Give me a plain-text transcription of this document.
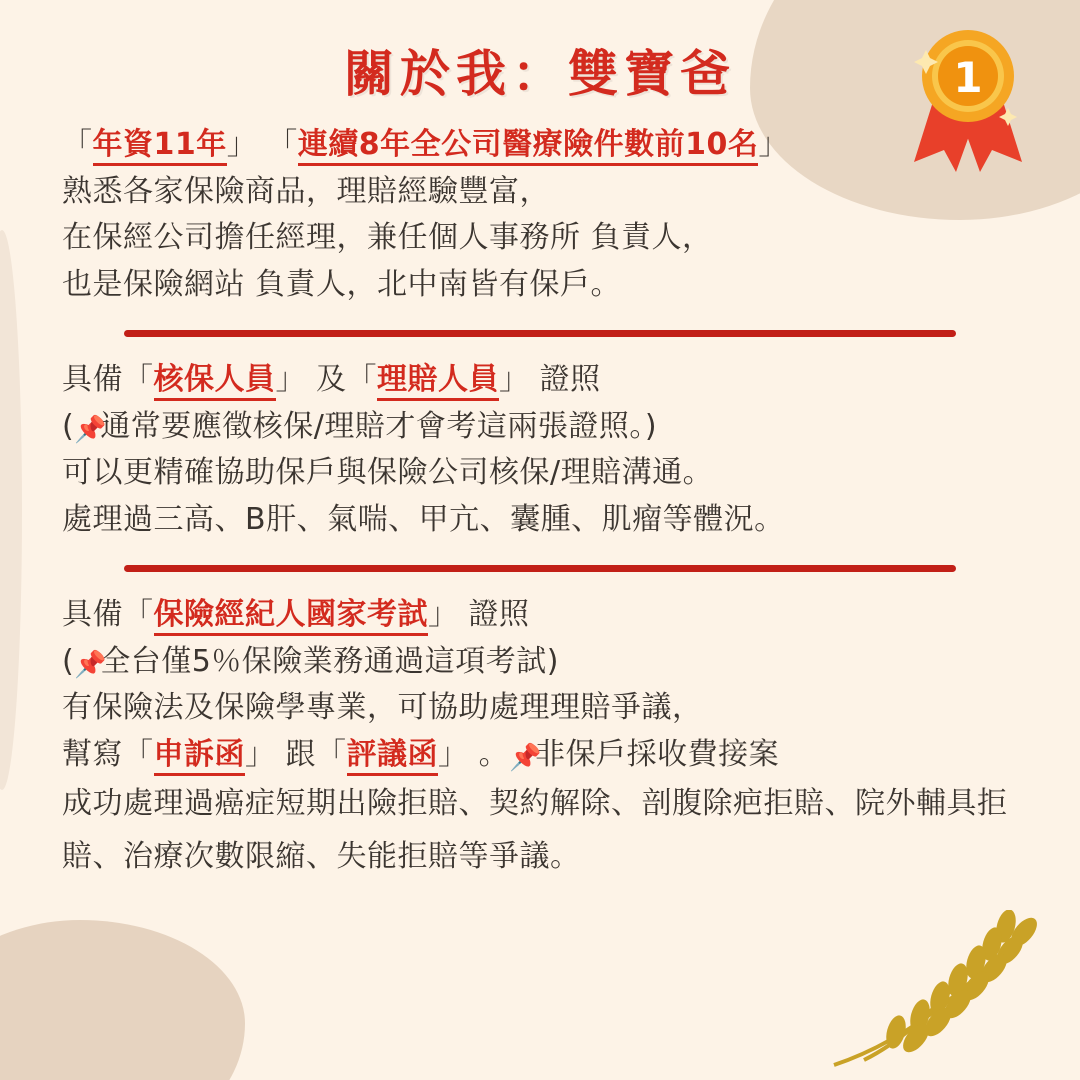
1
關於我：雙寶爸
「年資11年」 「連續8年全公司醫療險件數前10名」
熟悉各家保險商品，理賠經驗豐富，
在保經公司擔任經理，兼任個人事務所 負責人，
也是保險網站 負責人，北中南皆有保戶。
具備「核保人員」 及「理賠人員」 證照
(📌通常要應徵核保/理賠才會考這兩張證照。)
可以更精確協助保戶與保險公司核保/理賠溝通。
處理過三高、B肝、氣喘、甲亢、囊腫、肌瘤等體況。
具備「保險經紀人國家考試」 證照
(📌全台僅5％保險業務通過這項考試)
有保險法及保險學專業，可協助處理理賠爭議，
幫寫「申訴函」 跟「評議函」 。📌非保戶採收費接案
成功處理過癌症短期出險拒賠、契約解除、剖腹除疤拒賠、院外輔具拒賠、治療次數限縮、失能拒賠等爭議。
